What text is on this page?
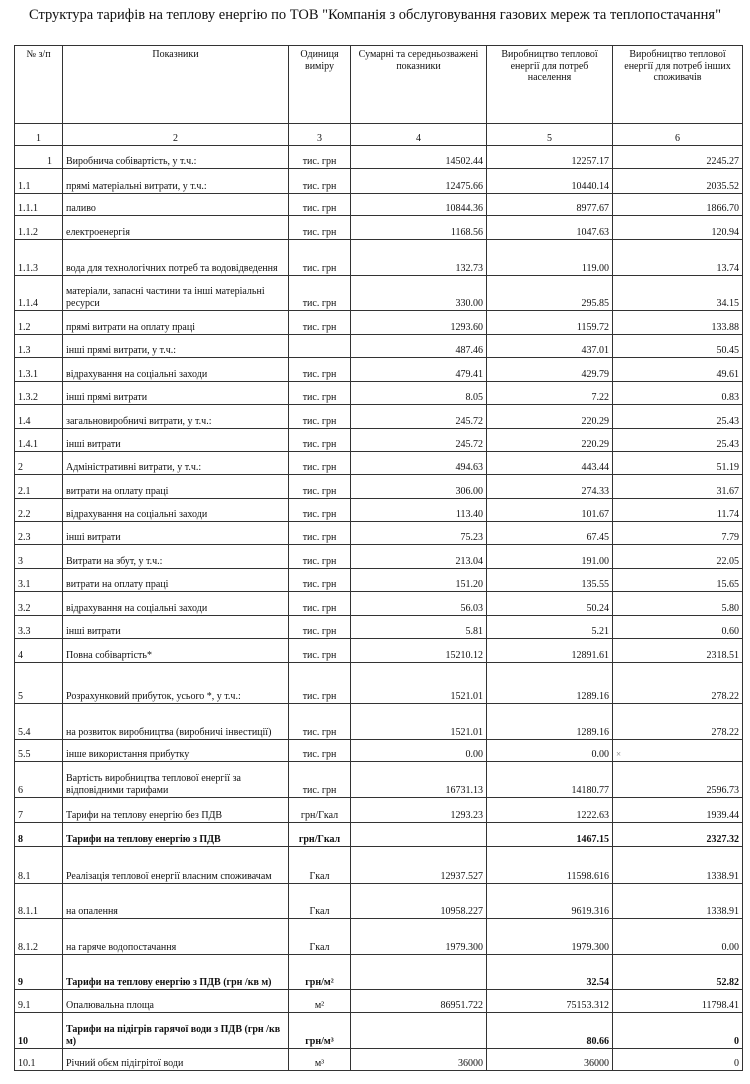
Структура тарифів на теплову енергію по ТОВ "Компанія з обслуговування газових мереж та теплопостачання"
№ з/п	Показники	Одиниця виміру	Сумарні та середньозважені показники	Виробництво теплової енергії для потреб населення	Виробництво теплової енергії для потреб інших споживачів
1	2	3	4	5	6
1	Виробнича собівартість, у т.ч.:	тис. грн	14502.44	12257.17	2245.27
1.1	прямі матеріальні витрати, у т.ч.:	тис. грн	12475.66	10440.14	2035.52
1.1.1	паливо	тис. грн	10844.36	8977.67	1866.70
1.1.2	електроенергія	тис. грн	1168.56	1047.63	120.94
1.1.3	вода для технологічних потреб та водовідведення	тис. грн	132.73	119.00	13.74
1.1.4	матеріали, запасні частини та інші матеріальні ресурси	тис. грн	330.00	295.85	34.15
1.2	прямі витрати на оплату праці	тис. грн	1293.60	1159.72	133.88
1.3	інші прямі витрати, у т.ч.:		487.46	437.01	50.45
1.3.1	відрахування на соціальні заходи	тис. грн	479.41	429.79	49.61
1.3.2	інші прямі витрати	тис. грн	8.05	7.22	0.83
1.4	загальновиробничі витрати, у т.ч.:	тис. грн	245.72	220.29	25.43
1.4.1	інші витрати	тис. грн	245.72	220.29	25.43
2	Адміністративні витрати, у т.ч.:	тис. грн	494.63	443.44	51.19
2.1	витрати на оплату праці	тис. грн	306.00	274.33	31.67
2.2	відрахування на соціальні заходи	тис. грн	113.40	101.67	11.74
2.3	інші витрати	тис. грн	75.23	67.45	7.79
3	Витрати на збут, у т.ч.:	тис. грн	213.04	191.00	22.05
3.1	витрати на оплату праці	тис. грн	151.20	135.55	15.65
3.2	відрахування на соціальні заходи	тис. грн	56.03	50.24	5.80
3.3	інші витрати	тис. грн	5.81	5.21	0.60
4	Повна собівартість*	тис. грн	15210.12	12891.61	2318.51
5	Розрахунковий прибуток, усього *, у т.ч.:	тис. грн	1521.01	1289.16	278.22
5.4	на розвиток виробництва (виробничі інвестиції)	тис. грн	1521.01	1289.16	278.22
5.5	інше використання прибутку	тис. грн	0.00	0.00	×

6	Вартість виробництва теплової енергії за відповідними тарифами	тис. грн	16731.13	14180.77	2596.73
7	Тарифи на теплову енергію без ПДВ	грн/Гкал	1293.23	1222.63	1939.44
8	Тарифи на теплову енергію з ПДВ	грн/Гкал		1467.15	2327.32
8.1	Реалізація теплової енергії власним споживачам	Гкал	12937.527	11598.616	1338.91
8.1.1	на опалення	Гкал	10958.227	9619.316	1338.91
8.1.2	на гаряче водопостачання	Гкал	1979.300	1979.300	0.00
9	Тарифи на теплову енергію з ПДВ (грн /кв м)	грн/м²		32.54	52.82
9.1	Опалювальна площа	м²	86951.722	75153.312	11798.41
10	Тарифи на підігрів гарячої води з ПДВ (грн /кв м)	грн/м³		80.66	0
10.1	Річний обєм підігрітої води	м³	36000	36000	0
